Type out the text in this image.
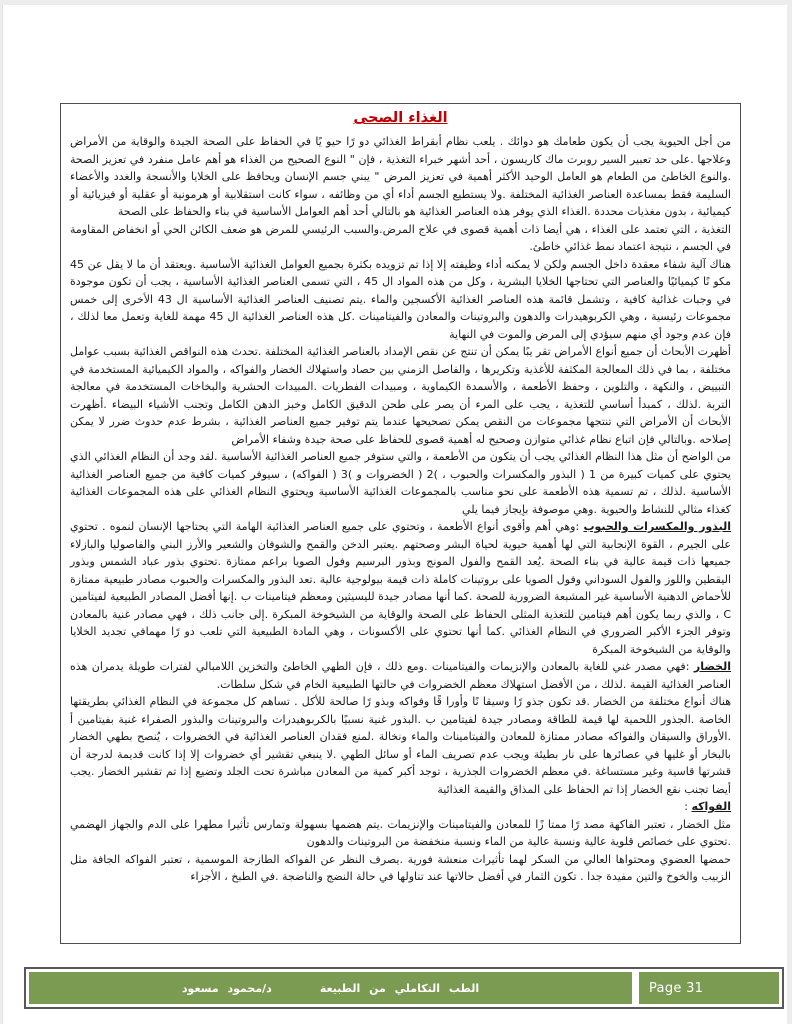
الغذاء الصحى

من أجل الحيوية يجب أن يكون طعامك هو دوائك . يلعب نظام أبقراط الغذائي دو رًا حيو يًا في الحفاظ على الصحة الجيدة والوقاية من الأمراض وعلاجها .على حد تعبير السير روبرت ماك كاريسون ، أحد أشهر خبراء التغذية ، فإن " النوع الصحيح من الغذاء هو أهم عامل منفرد في تعزيز الصحة .والنوع الخاطئ من الطعام هو العامل الوحيد الأكثر أهمية في تعزيز المرض " يبني جسم الإنسان ويحافظ على الخلايا والأنسجة والغدد والأعضاء السليمة فقط بمساعدة العناصر الغذائية المختلفة .ولا يستطيع الجسم أداء أي من وظائفه ، سواء كانت استقلابية أو هرمونية أو عقلية أو فيزيائية أو كيميائية ، بدون مغذيات محددة .الغذاء الذي يوفر هذه العناصر الغذائية هو بالتالي أحد أهم العوامل الأساسية في بناء والحفاظ على الصحة

التغذية ، التي تعتمد على الغذاء ، هي أيضا ذات أهمية قصوى في علاج المرض.والسبب الرئيسي للمرض هو ضعف الكائن الحي أو انخفاض المقاومة في الجسم ، نتيجة اعتماد نمط غذائي خاطئ.

هناك آلية شفاء معقدة داخل الجسم ولكن لا يمكنه أداء وظيفته إلا إذا تم تزويده بكثرة بجميع العوامل الغذائية الأساسية .ويعتقد أن ما لا يقل عن 45 مكو نًا كيميائيًا والعناصر التي تحتاجها الخلايا البشرية ، وكل من هذه المواد ال 45 ، التي تسمى العناصر الغذائية الأساسية ، يجب أن تكون موجودة في وجبات غذائية كافية ، وتشمل قائمة هذه العناصر الغذائية الأكسجين والماء .يتم تصنيف العناصر الغذائية الأساسية ال 43 الأخرى إلى خمس مجموعات رئيسية ، وهي الكربوهيدرات والدهون والبروتينات والمعادن والفيتامينات .كل هذه العناصر الغذائية ال 45 مهمة للغاية وتعمل معا لذلك ، فإن عدم وجود أي منهم سيؤدي إلى المرض والموت في النهاية

أظهرت الأبحاث أن جميع أنواع الأمراض تقر يبًا يمكن أن تنتج عن نقص الإمداد بالعناصر الغذائية المختلفة .تحدث هذه النواقص الغذائية بسبب عوامل مختلفة ، بما في ذلك المعالجة المكثفة للأغذية وتكريرها ، والفاصل الزمني بين حصاد واستهلاك الخضار والفواكه ، والمواد الكيميائية المستخدمة في التبييض ، والنكهة ، والتلوين ، وحفظ الأطعمة ، والأسمدة الكيماوية ، ومبيدات الفطريات .المبيدات الحشرية والبخاخات المستخدمة في معالجة التربة .لذلك ، كمبدأ أساسي للتغذية ، يجب على المرء أن يصر على طحن الدقيق الكامل وخبز الدهن الكامل وتجنب الأشياء البيضاء .أظهرت الأبحاث أن الأمراض التي تنتجها مجموعات من النقص يمكن تصحيحها عندما يتم توفير جميع العناصر الغذائية ، بشرط عدم حدوث ضرر لا يمكن إصلاحه .وبالتالي فإن اتباع نظام غذائي متوازن وصحيح له أهمية قصوى للحفاظ على صحة جيدة وشفاء الأمراض

من الواضح أن مثل هذا النظام الغذائي يجب أن يتكون من الأطعمة ، والتي ستوفر جميع العناصر الغذائية الأساسية .لقد وجد أن النظام الغذائي الذي يحتوي على كميات كبيرة من 1 ( البذور والمكسرات والحبوب ، )2 ( الخضروات و )3 ( الفواكه) ، سيوفر كميات كافية من جميع العناصر الغذائية الأساسية .لذلك ، تم تسمية هذه الأطعمة على نحو مناسب بالمجموعات الغذائية الأساسية ويحتوي النظام الغذائي على هذه المجموعات الغذائية كغذاء مثالي للنشاط والحيوية .وهي موصوفة بإيجاز فيما يلي

البذور والمكسرات والحبوب :وهي أهم وأقوى أنواع الأطعمة ، وتحتوي على جميع العناصر الغذائية الهامة التي يحتاجها الإنسان لنموه . تحتوي على الجيرم ، القوة الإنجابية التي لها أهمية حيوية لحياة البشر وصحتهم .يعتبر الدخن والقمح والشوفان والشعير والأرز البني والفاصوليا والبازلاء جميعها ذات قيمة عالية في بناء الصحة .يُعد القمح والفول المونج وبذور البرسيم وفول الصويا براعم ممتازة .تحتوي بذور عباد الشمس وبذور اليقطين واللوز والفول السوداني وفول الصويا على بروتينات كاملة ذات قيمة بيولوجية عالية .تعد البذور والمكسرات والحبوب مصادر طبيعية ممتازة للأحماض الدهنية الأساسية غير المشبعة الضرورية للصحة .كما أنها مصادر جيدة لليسيثين ومعظم فيتامينات ب .إنها أفضل المصادر الطبيعية لفيتامين C ، والذي ربما يكون أهم فيتامين للتغذية المثلى الحفاظ على الصحة والوقاية من الشيخوخة المبكرة .إلى جانب ذلك ، فهي مصادر غنية بالمعادن وتوفر الجزء الأكبر الضروري في النظام الغذائي .كما أنها تحتوي على الأكسونات ، وهي المادة الطبيعية التي تلعب دو رًا مهمافي تجديد الخلايا والوقاية من الشيخوخة المبكرة

الخضار :فهي مصدر غني للغاية بالمعادن والإنزيمات والفيتامينات .ومع ذلك ، فإن الطهي الخاطئ والتخزين اللامبالي لفترات طويلة يدمران هذه العناصر الغذائية القيمة .لذلك ، من الأفضل استهلاك معظم الخضروات في حالتها الطبيعية الخام في شكل سلطات.

هناك أنواع مختلفة من الخضار .قد تكون جذو رًا وسيقا نًا وأورا قًا وفواكه وبذو رًا صالحة للأكل . تساهم كل مجموعة في النظام الغذائي بطريقتها الخاصة .الجذور اللحمية لها قيمة للطاقة ومصادر جيدة لفيتامين ب .البذور غنية نسبيًا بالكربوهيدرات والبروتينات والبذور الصفراء غنية بفيتامين أ .الأوراق والسيقان والفواكه مصادر ممتازة للمعادن والفيتامينات والماء ونخالة .لمنع فقدان العناصر الغذائية في الخضروات ، يُنصح بطهي الخضار بالبخار أو غليها في عصائرها على نار بطيئة ويجب عدم تصريف الماء أو سائل الطهي .لا ينبغي تقشير أي خضروات إلا إذا كانت قديمة لدرجة أن قشرتها قاسية وغير مستساغة .في معظم الخضروات الجذرية ، توجد أكبر كمية من المعادن مباشرة تحت الجلد وتضيع إذا تم تقشير الخضار .يجب أيضا تجنب نقع الخضار إذا تم الحفاظ على المذاق والقيمة الغذائية

الفواكه :

مثل الخضار ، تعتبر الفاكهة مصد رًا ممتا زًا للمعادن والفيتامينات والإنزيمات .يتم هضمها بسهولة وتمارس تأثيرا مطهرا على الدم والجهاز الهضمي .تحتوي على خصائص قلوية عالية ونسبة عالية من الماء ونسبة منخفضة من البروتينات والدهون

حمضها العضوي ومحتواها العالي من السكر لهما تأثيرات منعشة فورية .يصرف النظر عن الفواكه الطازجة الموسمية ، تعتبر الفواكه الجافة مثل الزبيب والخوخ والتين مفيدة جدا . تكون الثمار في أفضل حالاتها عند تناولها في حالة النضج والناضجة .في الطبخ ، الأجزاء

الطب التكاملي من الطبيعة
د/محمود مسعود	Page 31
